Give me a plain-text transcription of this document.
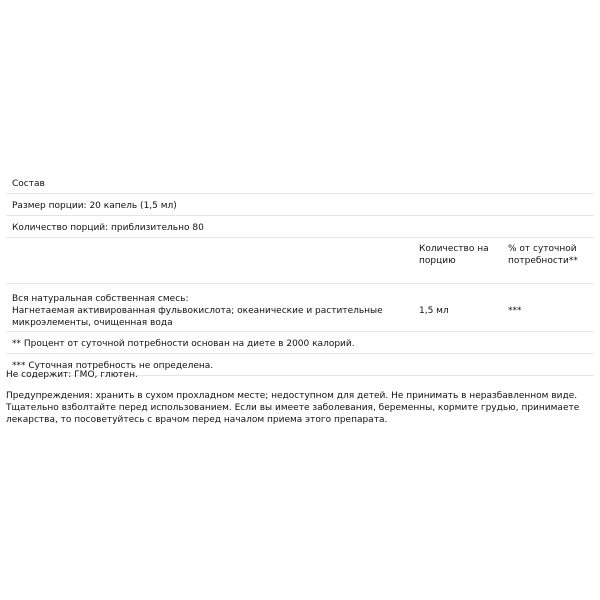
Состав
Размер порции: 20 капель (1,5 мл)
Количество порций: приблизительно 80
Количество на порцию
% от суточной потребности**
Вся натуральная собственная смесь:
Нагнетаемая активированная фульвокислота; океанические и растительные микроэлементы, очищенная вода
1,5 мл	***
** Процент от суточной потребности основан на диете в 2000 калорий.
*** Суточная потребность не определена.
Не содержит: ГМО, глютен.
Предупреждения: хранить в сухом прохладном месте; недоступном для детей. Не принимать в неразбавленном виде. Тщательно взболтайте перед использованием. Если вы имеете заболевания, беременны, кормите грудью, принимаете лекарства, то посоветуйтесь с врачом перед началом приема этого препарата.
